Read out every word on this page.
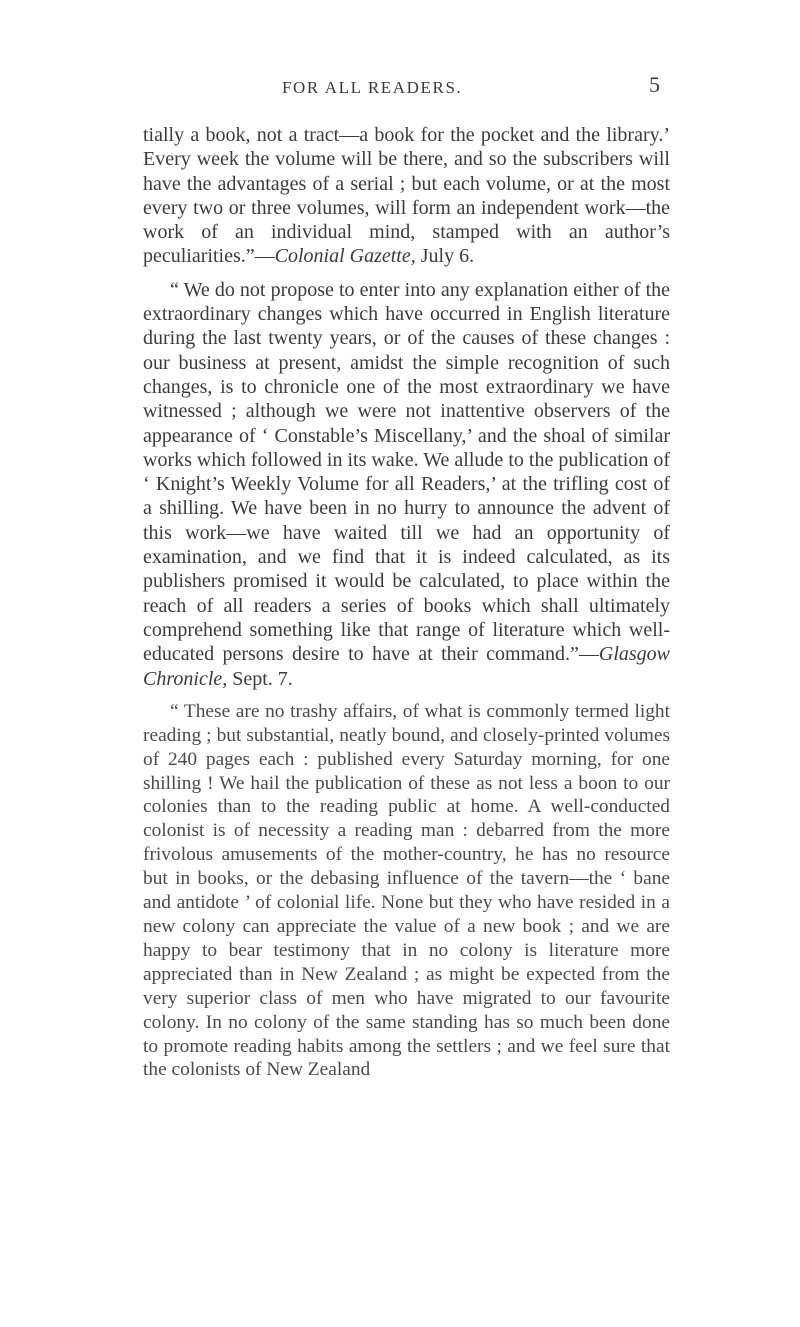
FOR ALL READERS.	5

tially a book, not a tract—a book for the pocket and the library.’ Every week the volume will be there, and so the subscribers will have the advantages of a serial ; but each volume, or at the most every two or three volumes, will form an independent work—the work of an individual mind, stamped with an author’s peculiarities.”—Colonial Gazette, July 6.

“ We do not propose to enter into any explanation either of the extraordinary changes which have occurred in English literature during the last twenty years, or of the causes of these changes : our business at present, amidst the simple recognition of such changes, is to chronicle one of the most extraordinary we have witnessed ; although we were not inattentive observers of the appearance of ‘ Constable’s Miscellany,’ and the shoal of similar works which followed in its wake. We allude to the publication of ‘ Knight’s Weekly Volume for all Readers,’ at the trifling cost of a shilling. We have been in no hurry to announce the advent of this work—we have waited till we had an opportunity of examination, and we find that it is indeed calculated, as its publishers promised it would be calculated, to place within the reach of all readers a series of books which shall ultimately comprehend something like that range of literature which well-educated persons desire to have at their command.”—Glasgow Chronicle, Sept. 7.

“ These are no trashy affairs, of what is commonly termed light reading ; but substantial, neatly bound, and closely-printed volumes of 240 pages each : published every Saturday morning, for one shilling ! We hail the publication of these as not less a boon to our colonies than to the reading public at home. A well-conducted colonist is of necessity a reading man : debarred from the more frivolous amusements of the mother-country, he has no resource but in books, or the debasing influence of the tavern—the ‘ bane and antidote ’ of colonial life. None but they who have resided in a new colony can appreciate the value of a new book ; and we are happy to bear testimony that in no colony is literature more appreciated than in New Zealand ; as might be expected from the very superior class of men who have migrated to our favourite colony. In no colony of the same standing has so much been done to promote reading habits among the settlers ; and we feel sure that the colonists of New Zealand
